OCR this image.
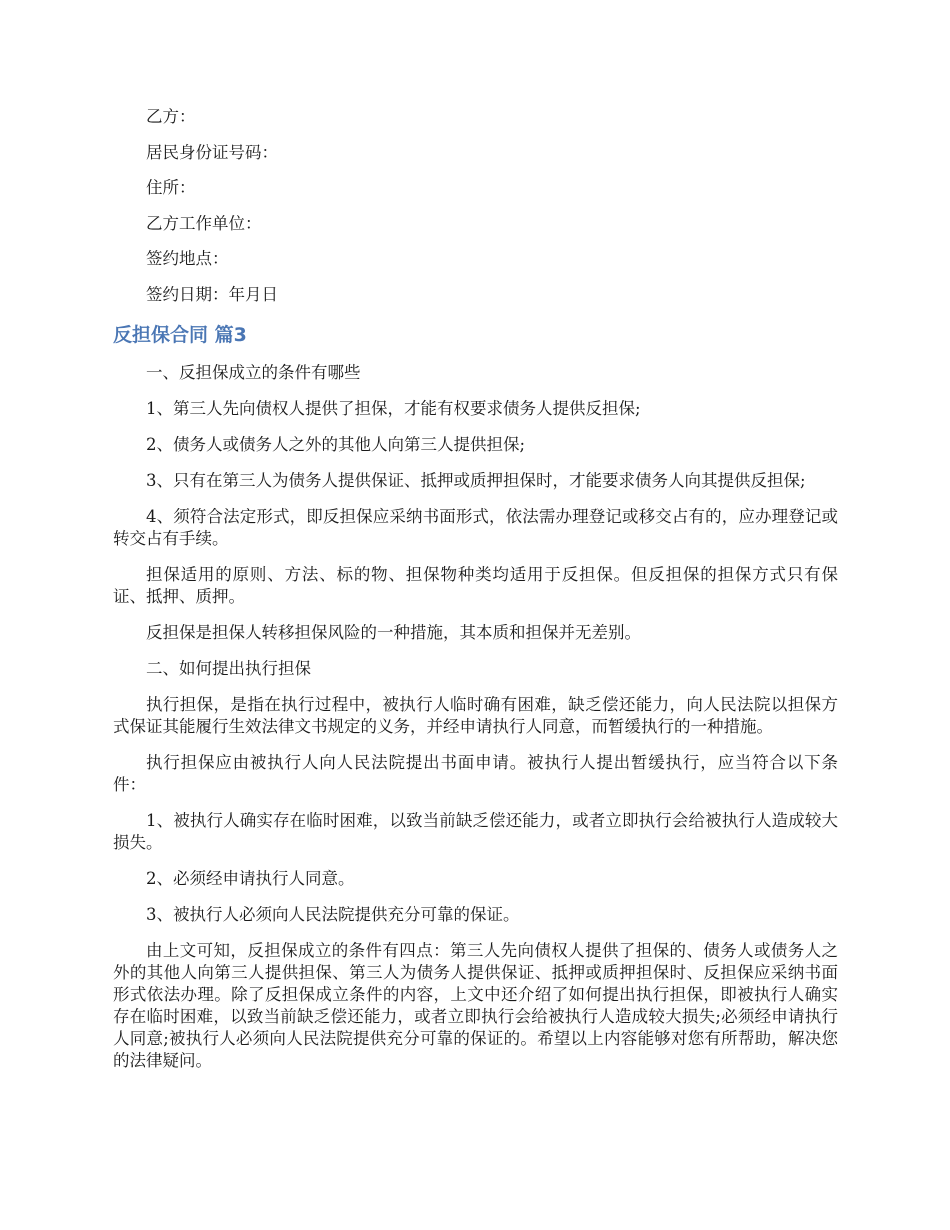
乙方：

居民身份证号码：

住所：

乙方工作单位：

签约地点：

签约日期：年月日

反担保合同 篇3

一、反担保成立的条件有哪些

1、第三人先向债权人提供了担保，才能有权要求债务人提供反担保;

2、债务人或债务人之外的其他人向第三人提供担保;

3、只有在第三人为债务人提供保证、抵押或质押担保时，才能要求债务人向其提供反担保;

4、须符合法定形式，即反担保应采纳书面形式，依法需办理登记或移交占有的，应办理登记或转交占有手续。

担保适用的原则、方法、标的物、担保物种类均适用于反担保。但反担保的担保方式只有保证、抵押、质押。

反担保是担保人转移担保风险的一种措施，其本质和担保并无差别。

二、如何提出执行担保

执行担保，是指在执行过程中，被执行人临时确有困难，缺乏偿还能力，向人民法院以担保方式保证其能履行生效法律文书规定的义务，并经申请执行人同意，而暂缓执行的一种措施。

执行担保应由被执行人向人民法院提出书面申请。被执行人提出暂缓执行，应当符合以下条件：

1、被执行人确实存在临时困难，以致当前缺乏偿还能力，或者立即执行会给被执行人造成较大损失。

2、必须经申请执行人同意。

3、被执行人必须向人民法院提供充分可靠的保证。

由上文可知，反担保成立的条件有四点：第三人先向债权人提供了担保的、债务人或债务人之外的其他人向第三人提供担保、第三人为债务人提供保证、抵押或质押担保时、反担保应采纳书面形式依法办理。除了反担保成立条件的内容，上文中还介绍了如何提出执行担保，即被执行人确实存在临时困难，以致当前缺乏偿还能力，或者立即执行会给被执行人造成较大损失;必须经申请执行人同意;被执行人必须向人民法院提供充分可靠的保证的。希望以上内容能够对您有所帮助，解决您的法律疑问。
